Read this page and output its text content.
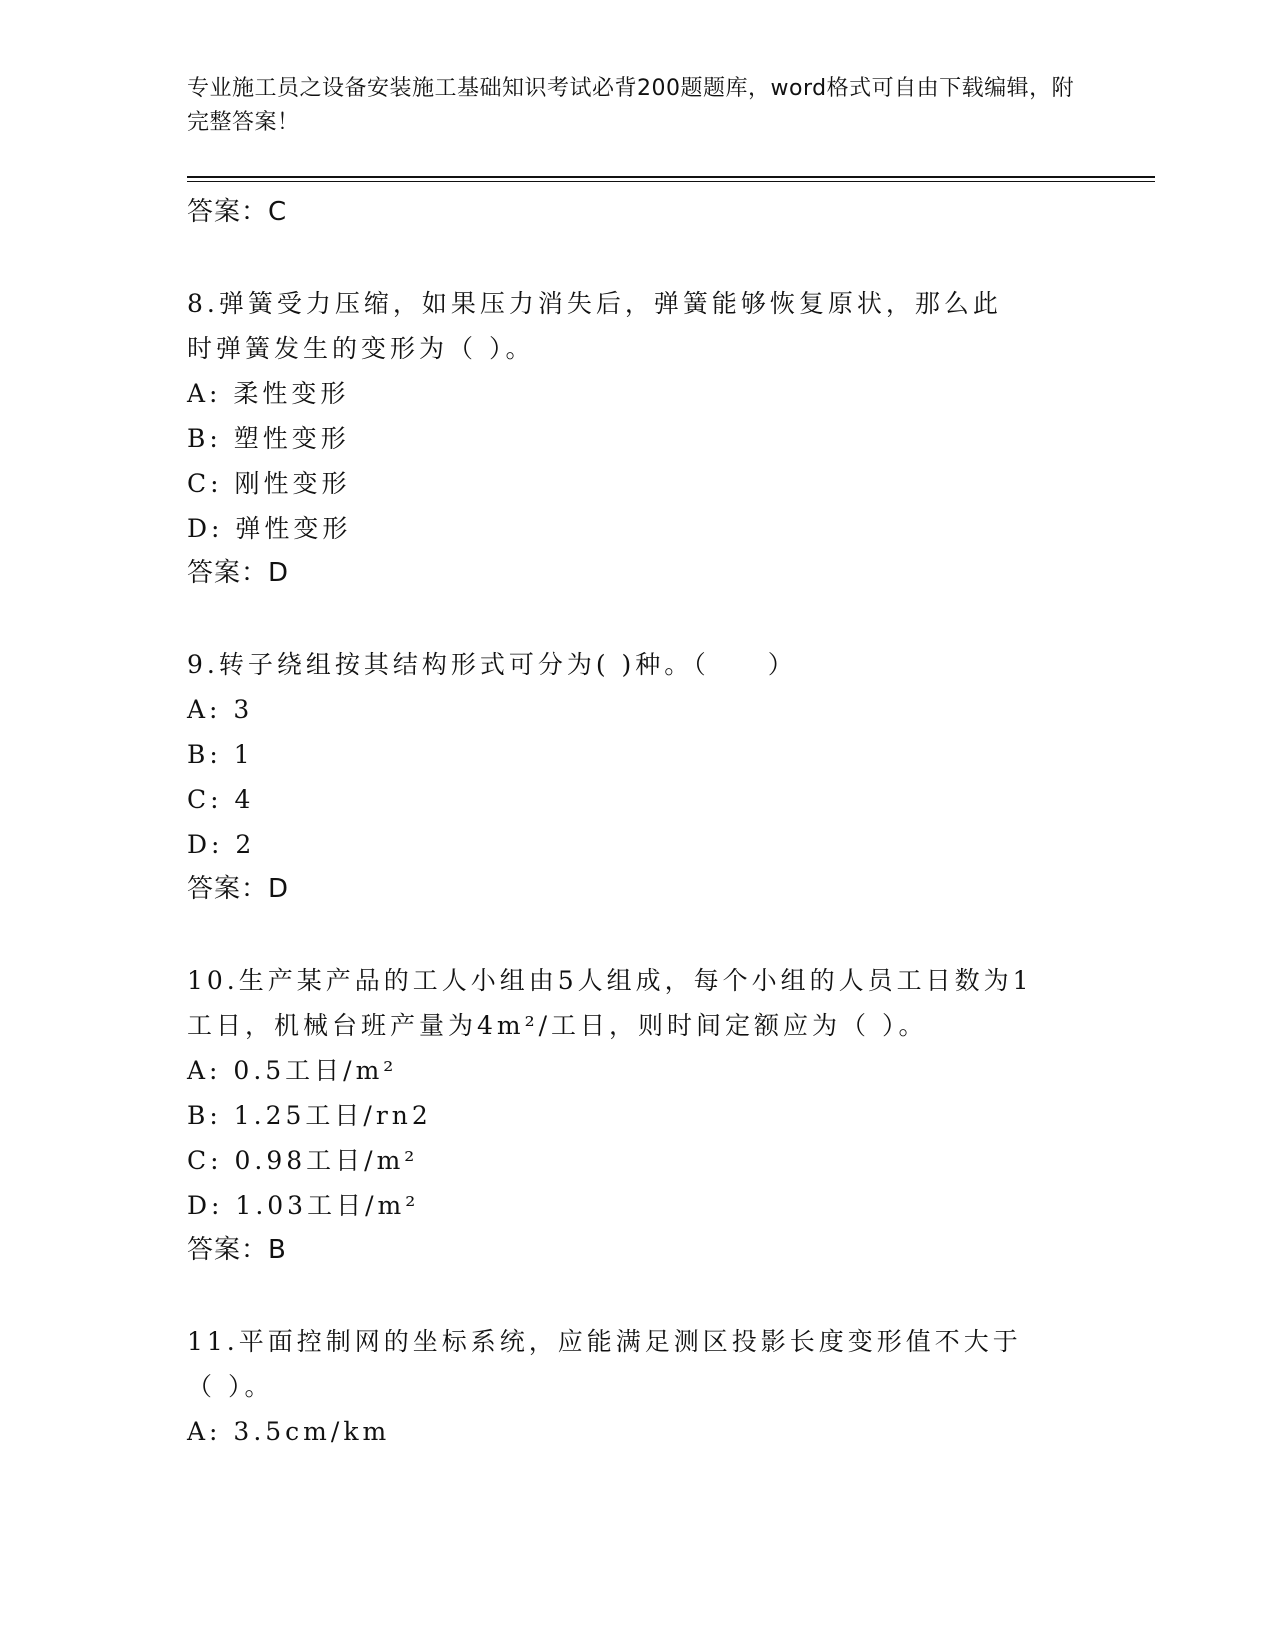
专业施工员之设备安装施工基础知识考试必背200题题库，word格式可自由下载编辑，附完整答案！
答案：C
8.弹簧受力压缩，如果压力消失后，弹簧能够恢复原状，那么此时弹簧发生的变形为（ ）。
A: 柔性变形
B: 塑性变形
C: 刚性变形
D: 弹性变形
答案：D
9.转子绕组按其结构形式可分为( )种。（　　）
A: 3
B: 1
C: 4
D: 2
答案：D
10.生产某产品的工人小组由5人组成，每个小组的人员工日数为1工日，机械台班产量为4m²/工日，则时间定额应为（ ）。
A: 0.5工日/m²
B: 1.25工日/rn2
C: 0.98工日/m²
D: 1.03工日/m²
答案：B
11.平面控制网的坐标系统，应能满足测区投影长度变形值不大于（ ）。
A: 3.5cm/km
